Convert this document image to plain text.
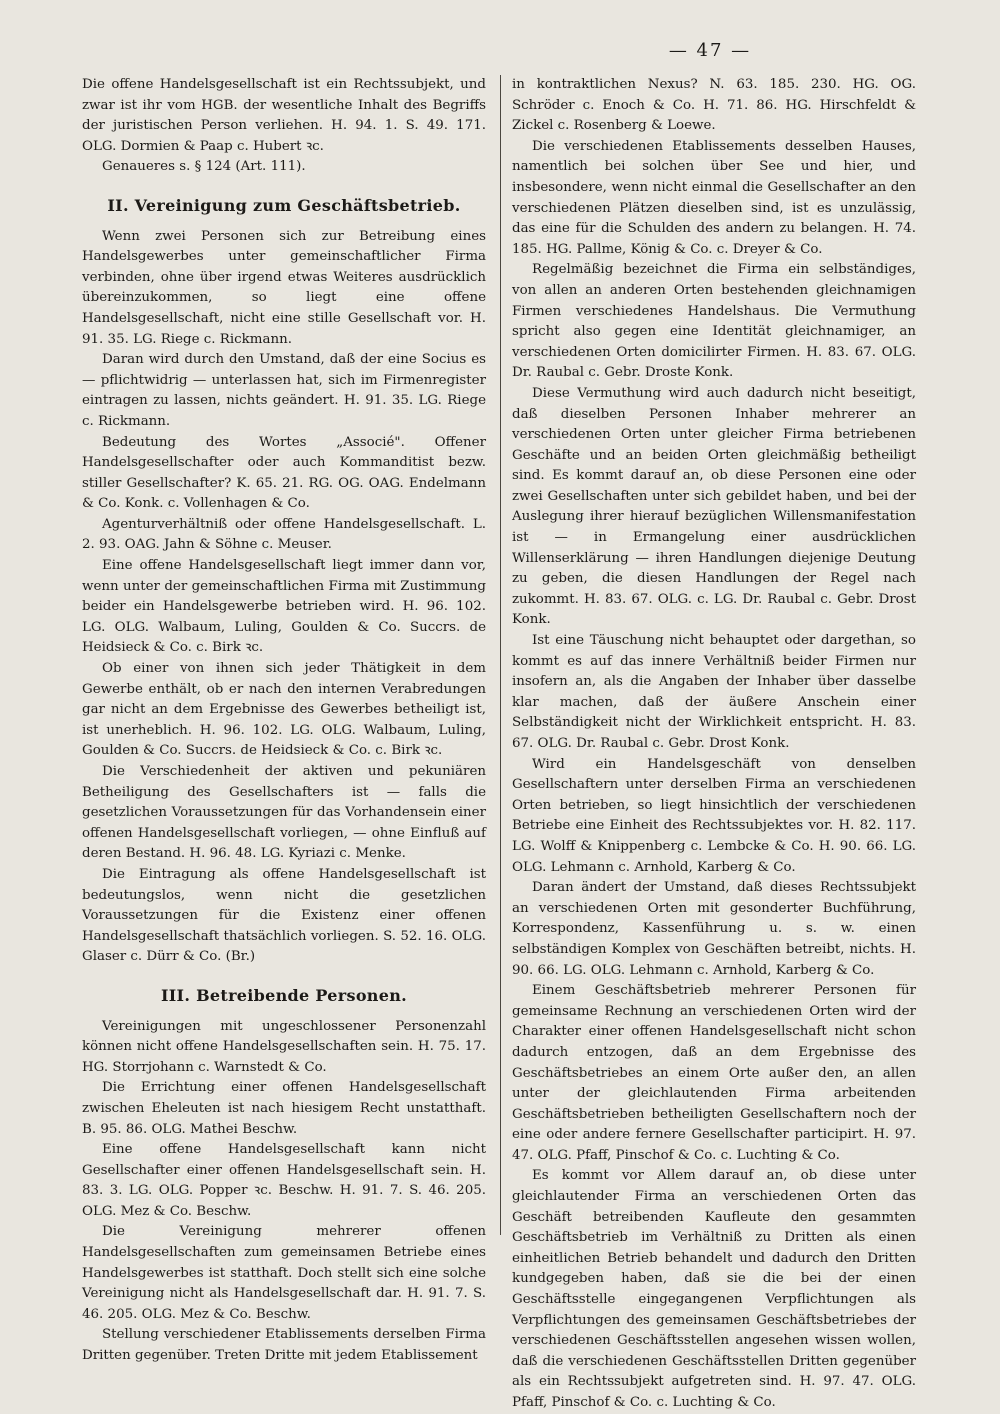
— 47 —

Die offene Handelsgesellschaft ist ein Rechtssubjekt, und zwar ist ihr vom HGB. der wesentliche Inhalt des Begriffs der juristischen Person verliehen. H. 94. 1. S. 49. 171. OLG. Dormien & Paap c. Hubert ꝛc.

Genaueres s. § 124 (Art. 111).

II. Vereinigung zum Geschäftsbetrieb.

Wenn zwei Personen sich zur Betreibung eines Handelsgewerbes unter gemeinschaftlicher Firma verbinden, ohne über irgend etwas Weiteres ausdrücklich übereinzukommen, so liegt eine offene Handelsgesellschaft, nicht eine stille Gesellschaft vor. H. 91. 35. LG. Riege c. Rickmann.

Daran wird durch den Umstand, daß der eine Socius es — pflichtwidrig — unterlassen hat, sich im Firmenregister eintragen zu lassen, nichts geändert. H. 91. 35. LG. Riege c. Rickmann.

Bedeutung des Wortes „Associé". Offener Handelsgesellschafter oder auch Kommanditist bezw. stiller Gesellschafter? K. 65. 21. RG. OG. OAG. Endelmann & Co. Konk. c. Vollenhagen & Co.

Agenturverhältniß oder offene Handelsgesellschaft. L. 2. 93. OAG. Jahn & Söhne c. Meuser.

Eine offene Handelsgesellschaft liegt immer dann vor, wenn unter der gemeinschaftlichen Firma mit Zustimmung beider ein Handelsgewerbe betrieben wird. H. 96. 102. LG. OLG. Walbaum, Luling, Goulden & Co. Succrs. de Heidsieck & Co. c. Birk ꝛc.

Ob einer von ihnen sich jeder Thätigkeit in dem Gewerbe enthält, ob er nach den internen Verabredungen gar nicht an dem Ergebnisse des Gewerbes betheiligt ist, ist unerheblich. H. 96. 102. LG. OLG. Walbaum, Luling, Goulden & Co. Succrs. de Heidsieck & Co. c. Birk ꝛc.

Die Verschiedenheit der aktiven und pekuniären Betheiligung des Gesellschafters ist — falls die gesetzlichen Voraussetzungen für das Vorhandensein einer offenen Handelsgesellschaft vorliegen, — ohne Einfluß auf deren Bestand. H. 96. 48. LG. Kyriazi c. Menke.

Die Eintragung als offene Handelsgesellschaft ist bedeutungslos, wenn nicht die gesetzlichen Voraussetzungen für die Existenz einer offenen Handelsgesellschaft thatsächlich vorliegen. S. 52. 16. OLG. Glaser c. Dürr & Co. (Br.)

III. Betreibende Personen.

Vereinigungen mit ungeschlossener Personenzahl können nicht offene Handelsgesellschaften sein. H. 75. 17. HG. Storrjohann c. Warnstedt & Co.

Die Errichtung einer offenen Handelsgesellschaft zwischen Eheleuten ist nach hiesigem Recht unstatthaft. B. 95. 86. OLG. Mathei Beschw.

Eine offene Handelsgesellschaft kann nicht Gesellschafter einer offenen Handelsgesellschaft sein. H. 83. 3. LG. OLG. Popper ꝛc. Beschw. H. 91. 7. S. 46. 205. OLG. Mez & Co. Beschw.

Die Vereinigung mehrerer offenen Handelsgesellschaften zum gemeinsamen Betriebe eines Handelsgewerbes ist statthaft. Doch stellt sich eine solche Vereinigung nicht als Handelsgesellschaft dar. H. 91. 7. S. 46. 205. OLG. Mez & Co. Beschw.

Stellung verschiedener Etablissements derselben Firma Dritten gegenüber. Treten Dritte mit jedem Etablissement

in kontraktlichen Nexus? N. 63. 185. 230. HG. OG. Schröder c. Enoch & Co. H. 71. 86. HG. Hirschfeldt & Zickel c. Rosenberg & Loewe.

Die verschiedenen Etablissements desselben Hauses, namentlich bei solchen über See und hier, und insbesondere, wenn nicht einmal die Gesellschafter an den verschiedenen Plätzen dieselben sind, ist es unzulässig, das eine für die Schulden des andern zu belangen. H. 74. 185. HG. Pallme, König & Co. c. Dreyer & Co.

Regelmäßig bezeichnet die Firma ein selbständiges, von allen an anderen Orten bestehenden gleichnamigen Firmen verschiedenes Handelshaus. Die Vermuthung spricht also gegen eine Identität gleichnamiger, an verschiedenen Orten domicilirter Firmen. H. 83. 67. OLG. Dr. Raubal c. Gebr. Droste Konk.

Diese Vermuthung wird auch dadurch nicht beseitigt, daß dieselben Personen Inhaber mehrerer an verschiedenen Orten unter gleicher Firma betriebenen Geschäfte und an beiden Orten gleichmäßig betheiligt sind. Es kommt darauf an, ob diese Personen eine oder zwei Gesellschaften unter sich gebildet haben, und bei der Auslegung ihrer hierauf bezüglichen Willensmanifestation ist — in Ermangelung einer ausdrücklichen Willenserklärung — ihren Handlungen diejenige Deutung zu geben, die diesen Handlungen der Regel nach zukommt. H. 83. 67. OLG. c. LG. Dr. Raubal c. Gebr. Drost Konk.

Ist eine Täuschung nicht behauptet oder dargethan, so kommt es auf das innere Verhältniß beider Firmen nur insofern an, als die Angaben der Inhaber über dasselbe klar machen, daß der äußere Anschein einer Selbständigkeit nicht der Wirklichkeit entspricht. H. 83. 67. OLG. Dr. Raubal c. Gebr. Drost Konk.

Wird ein Handelsgeschäft von denselben Gesellschaftern unter derselben Firma an verschiedenen Orten betrieben, so liegt hinsichtlich der verschiedenen Betriebe eine Einheit des Rechtssubjektes vor. H. 82. 117. LG. Wolff & Knippenberg c. Lembcke & Co. H. 90. 66. LG. OLG. Lehmann c. Arnhold, Karberg & Co.

Daran ändert der Umstand, daß dieses Rechtssubjekt an verschiedenen Orten mit gesonderter Buchführung, Korrespondenz, Kassenführung u. s. w. einen selbständigen Komplex von Geschäften betreibt, nichts. H. 90. 66. LG. OLG. Lehmann c. Arnhold, Karberg & Co.

Einem Geschäftsbetrieb mehrerer Personen für gemeinsame Rechnung an verschiedenen Orten wird der Charakter einer offenen Handelsgesellschaft nicht schon dadurch entzogen, daß an dem Ergebnisse des Geschäftsbetriebes an einem Orte außer den, an allen unter der gleichlautenden Firma arbeitenden Geschäftsbetrieben betheiligten Gesellschaftern noch der eine oder andere fernere Gesellschafter participirt. H. 97. 47. OLG. Pfaff, Pinschof & Co. c. Luchting & Co.

Es kommt vor Allem darauf an, ob diese unter gleichlautender Firma an verschiedenen Orten das Geschäft betreibenden Kaufleute den gesammten Geschäftsbetrieb im Verhältniß zu Dritten als einen einheitlichen Betrieb behandelt und dadurch den Dritten kundgegeben haben, daß sie die bei der einen Geschäftsstelle eingegangenen Verpflichtungen als Verpflichtungen des gemeinsamen Geschäftsbetriebes der verschiedenen Geschäftsstellen angesehen wissen wollen, daß die verschiedenen Geschäftsstellen Dritten gegenüber als ein Rechtssubjekt aufgetreten sind. H. 97. 47. OLG. Pfaff, Pinschof & Co. c. Luchting & Co.
